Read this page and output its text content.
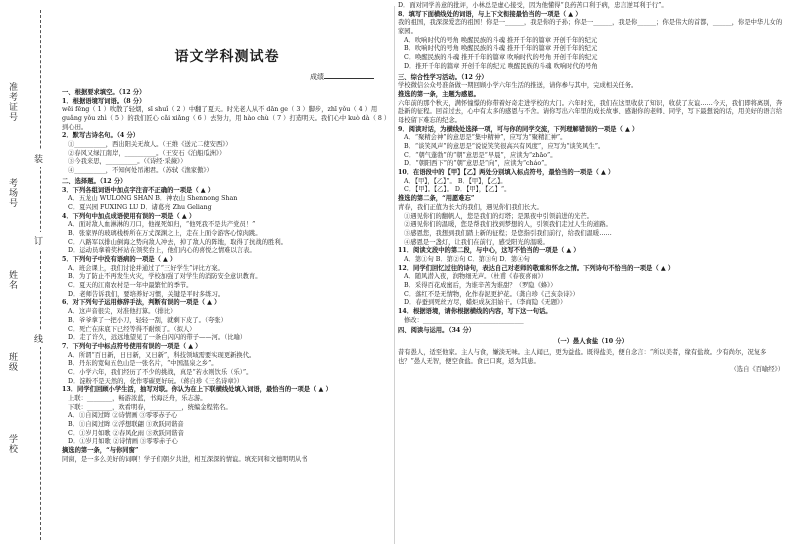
准考证号
考场号
姓名
班级
学校
装
订
线
语文学科测试卷
成绩

一、根据要求填空。（12 分）

1．根据语境写词语。（8 分）

wēi fēng（ 1 ）吹散了轻烟，sī shuǐ（ 2 ）中翻了夏天。时光老人从不 dān ge（ 3 ）脚步，zhī yǒu（ 4 ）用 guǎng yǒu zhì（ 5 ）的我们匠心 cǎi xiǎng（ 6 ）去努力，用 hào chù（ 7 ）打造明天。我们心中 kuò dà（ 8 ）到心田。

2．默写古诗名句。（4 分）

①__________，西出阳关无故人。（王维《送元二使安西》）

②春风又绿江南岸，__________。（王安石《泊船瓜洲》）

③今我来思，__________。（《诗经·采薇》）

④__________，不知何处吊湘君。（苏轼《渔家傲》）

二、选择题。（12 分）

3．下列各组词语中加点字注音不正确的一项是（ ▲ ）

A．五龙山 WULONG SHAN B．神农山 Shennong Shan

C．夏兴园 FUXING LU D．诸葛亮 Zhu Geliang

4．下列句中加点成语使用有误的一项是（ ▲ ）

A．面对敌人血淋淋的刀口，他视死如归，“他死我不是共产党员！”

B．张家界的玻璃栈桥所在万丈深渊之上，走在上面令游客心惊肉跳。

C．八路军以排山倒海之势向敌人冲去，掉了敌人的阵地，取得了抗战的胜利。

D．运动员拿着奖杯站在领奖台上，他们内心的喜悦之情难以言表。

5．下列句子中没有语病的一项是（ ▲ ）

A．班会课上，我们讨论并通过了“三好学生”评比方案。

B．为了防止不再发生火灾，学校加强了对学生的消防安全意识教育。

C．夏天的江南农村是一年中最繁忙的季节。

D．老师告诉我们，要培养好习惯，关键是平时多练习。

6．对下列句子运用修辞手法，判断有误的一项是（ ▲ ）

A．这声音很尖，对准他打算。（排比）

B．爷爷拿了一把小刀，轻轻一刮，就剩下皮了。（夸张）

C．死亡在床底下已经等得不耐烦了。（拟人）

D．走了许久，远远地望见了一条白闪闪的带子——河。（比喻）

7．下列句子中标点符号使用有误的一项是（ ▲ ）

A．所谓“百日新，日日新，又日新”，科技领域需要实现更新换代。

B．丹东的宽甸五色山是一张名片，“中国温泉之乡”。

C．小学六年，我们经历了不少的挑战，真是“若水则饮乐（乐）”。

D．淀粉不是天然的，化作零碳更好玩。（蒋自珍《三名诗章》）

13．同学们回顾小学生活，抽写对联。你认为在上下联横线处填入词语，最恰当的一项是（ ▲ ）

上联：________，畅游浓蓝，书海泛舟，乐志游。

下联：________，欢看明春，__________，统编金程铭名。

A．①自阅过眸 ②诗情画 ③零零赤子心

B．①自阅过眸 ②浮想联翩 ③欢跃同谐音

C．①岁月如歌 ②春风化雨 ③欢跃同谐音

D．①岁月如歌 ②诗情画 ③零零赤子心

摘选的第一条，“与你同窗”

同窗，是一多么美好的词啊！学子们朝夕共进，相互深深的情谊。填充同和文德明明从书

D．面对同学善意的批评，小林总是虚心接受，因为他懂得“良药苦口利于病，忠言逆耳利于行”。

8．填写下面横线处的词语，与上下文衔接最恰当的一项是（ ▲ ）

我的祖国，我深深爱恋的祖国！你是一______，我是你的子孙；你是一______，我是你______；你是伟大的首都，______，你是中华儿女的家园。

A．吹响时代的号角 唤醒民族的斗魂 推开千年的篇章 开创千年的纪元

B．吹响时代的号角 唤醒民族的斗魂 推开千年的篇章 开创千年的纪元

C．唤醒民族的斗魂 推开千年的篇章 吹响时代的号角 开创千年的纪元

D．推开千年的篇章 开创千年的纪元 唤醒民族的斗魂 吹响时代的号角

三、综合性学习活动。（12 分）

学校微信公众号准备做一期回顾小学六年生活的推送，请你参与其中，完成相关任务。

推选的第一条，主题为感恩。

六年前的那个秋天，满怀憧憬的你带着好奇走进学校的大门。六年时光，我们在这里收获了知识，收获了友谊……今天，我们即将离别，奔赴新的征程。回首过去，心中有太多的感恩与不舍。请你写出六年里的成长故事、感谢你的老师、同学，写下最想说的话，用美好的语言给母校留下难忘的纪念。

9．阅读对话，为横线处选择一项，可与你的同学交流，下列理解错误的一项是（ ▲ ）

A．“聚精会神”的意思是“集中精神”，应写为“聚精汇神”。

B．“谈笑风声”的意思是“说说笑笑很高兴有风度”，应写为“谈笑风生”。

C．“朝气蓬勃”的“朝”意思是“早晨”，应读为“zhāo”。

D．“朝阳西下”的“朝”意思是“向”，应读为“cháo”。

10．在语段中的【甲】【乙】两处分别填入标点符号，最恰当的一项是（ ▲ ）

A．【甲】，【乙】”。 B．【甲】，【乙】。

C．【甲】。【乙】。 D．【甲】，【乙】“。

推选的第二条，“用愿难忘”

青春，我们正值为长大的我们，遇见你们我们长大。

①遇见你们的翻帆人，您是我们的灯塔；是黑夜中引领前进的光芒。

②遇见你们的温暖，您是帮我们找到梦想的人，引领我们走过人生的道路。

③感恩您，我想到我们踏上新的征程；是您指引我们前行，给我们温暖……

④感恩是一盏灯，让我们在前行，感受阳光的温暖。

11．阅读文段中的第二段，与中心，这写不恰当的一项是（ ▲ ）

A．第①句 B．第②句 C．第③句 D．第④句

12．同学们回忆过往的诗句，表达自己对老师的敬重和怀念之情。下列诗句不恰当的一项是（ ▲ ）

A．随风潜入夜，润物细无声。（杜甫《春夜喜雨》）

B．采得百花成蜜后，为谁辛苦为谁甜？（罗隐《蜂》）

C．落红不是无情物，化作春泥更护花。（龚自珍《己亥杂诗》）

D．春蚕到死丝方尽，蜡炬成灰泪始干。（李商隐《无题》）

14．根据语境，请你根据横线的内容，写下这一句话。

修改：________________________________

四、阅读与运用。（34 分）

（一）愚人食盐（10 分）

昔有愚人，适至他家。主人与食，嫌淡无味。主人闻已，更为益盐。既得盐美，便自念言：“所以美者，缘有盐故。少有尚尔，况复多也？”愚人无智，便空食盐。食已口爽，返为其患。

（选自《百喻经》）
